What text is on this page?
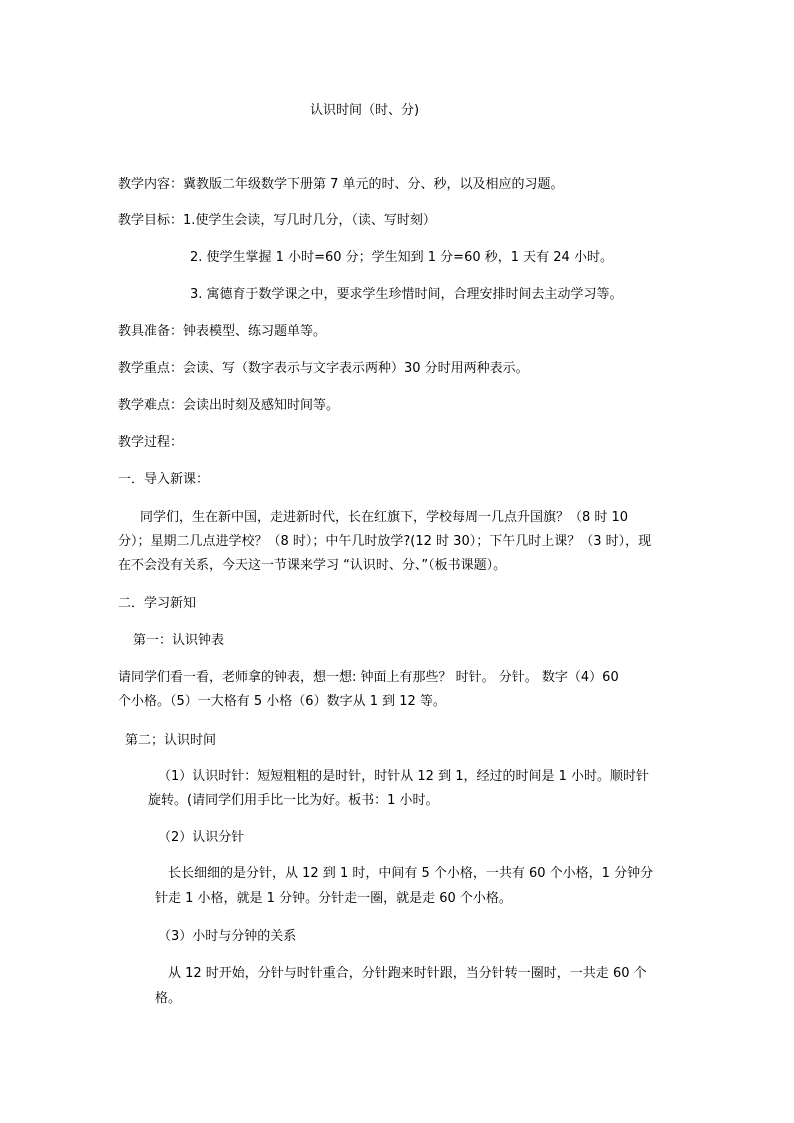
认识时间（时、分)
教学内容：冀教版二年级数学下册第 7 单元的时、分、秒，以及相应的习题。
教学目标：1.使学生会读，写几时几分，（读、写时刻）
2. 使学生掌握 1 小时=60 分；学生知到 1 分=60 秒，1 天有 24 小时。
3. 寓德育于数学课之中，要求学生珍惜时间，合理安排时间去主动学习等。
教具准备：钟表模型、练习题单等。
教学重点：会读、写（数字表示与文字表示两种）30 分时用两种表示。
教学难点：会读出时刻及感知时间等。
教学过程：
一．导入新课：
同学们，生在新中国，走进新时代，长在红旗下，学校每周一几点升国旗？（8 时 10
分）；星期二几点进学校？（8 时）；中午几时放学?(12 时 30）；下午几时上课？（3 时），现
在不会没有关系，今天这一节课来学习 “认识时、分、”（板书课题）。
二．学习新知
第一：认识钟表
请同学们看一看，老师拿的钟表，想一想: 钟面上有那些？ 时针。 分针。 数字（4）60
个小格。（5）一大格有 5 小格（6）数字从 1 到 12 等。
第二；认识时间
（1）认识时针：短短粗粗的是时针，时针从 12 到 1，经过的时间是 1 小时。顺时针
旋转。(请同学们用手比一比为好。板书：1 小时。
（2）认识分针
长长细细的是分针，从 12 到 1 时，中间有 5 个小格，一共有 60 个小格，1 分钟分
针走 1 小格，就是 1 分钟。分针走一圈，就是走 60 个小格。
（3）小时与分钟的关系
从 12 时开始，分针与时针重合，分针跑来时针跟，当分针转一圈时，一共走 60 个
格。
